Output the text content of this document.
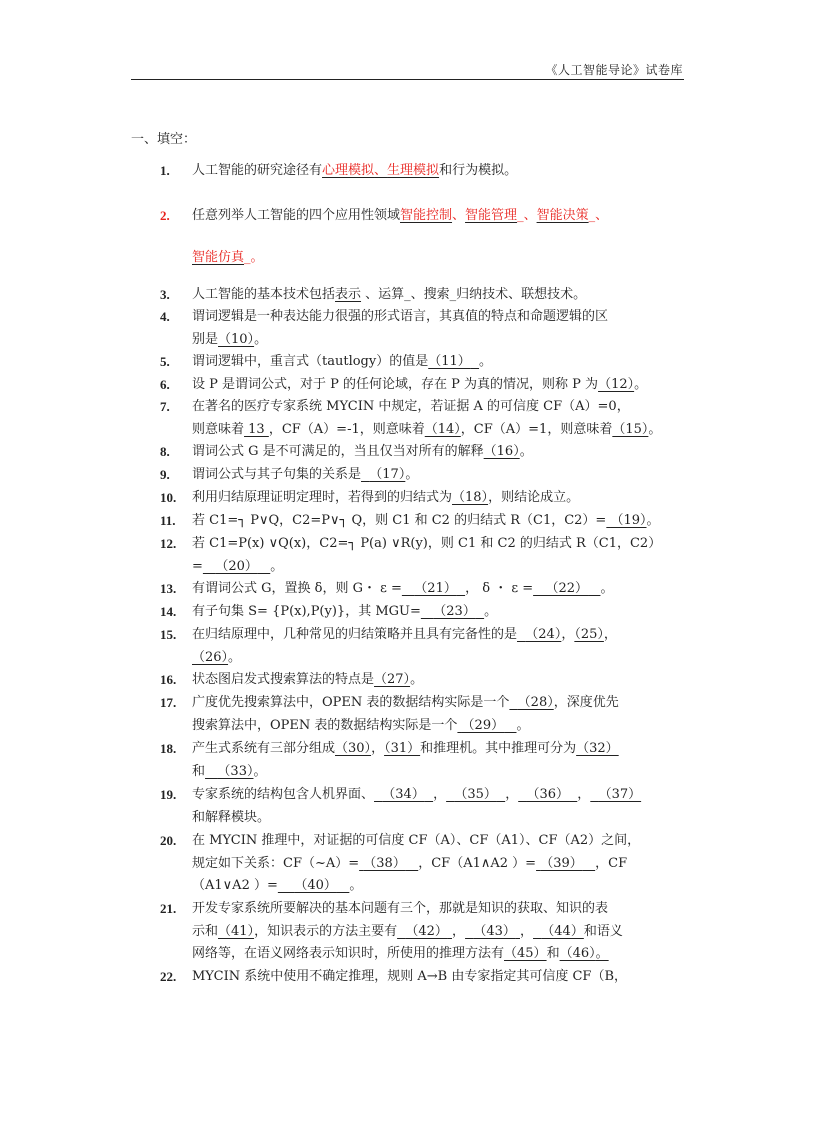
《人工智能导论》试卷库
一、填空：
1.	人工智能的研究途径有心理模拟、生理模拟和行为模拟。
2.	任意列举人工智能的四个应用性领域智能控制、智能管理_、智能决策_、
智能仿真_。
3.	人工智能的基本技术包括表示 、运算_、搜索_归纳技术、联想技术。
4.	谓词逻辑是一种表达能力很强的形式语言，其真值的特点和命题逻辑的区
别是（10）。
5.	谓词逻辑中，重言式（tautlogy）的值是（11） 。
6.	设 P 是谓词公式，对于 P 的任何论域，存在 P 为真的情况，则称 P 为（12）。
7.	在著名的医疗专家系统 MYCIN 中规定，若证据 A 的可信度 CF（A）=0，
则意味着 13 ，CF（A）=-1，则意味着（14），CF（A）=1，则意味着（15）。
8.	谓词公式 G 是不可满足的，当且仅当对所有的解释（16）。
9.	谓词公式与其子句集的关系是 （17）。
10.	利用归结原理证明定理时，若得到的归结式为（18），则结论成立。
11.	若 C1=┐ P∨Q，C2=P∨┐ Q，则 C1 和 C2 的归结式 R（C1，C2）= （19）。
12.	若 C1=P(x) ∨Q(x)，C2=┐ P(a) ∨R(y)，则 C1 和 C2 的归结式 R（C1，C2）
= （20） 。
13.	有谓词公式 G，置换 δ，则 G・ ε = （21） ， δ ・ ε = （22） 。
14.	有子句集 S= {P(x),P(y)}，其 MGU= （23） 。
15.	在归结原理中，几种常见的归结策略并且具有完备性的是 （24），（25），
（26）。
16.	状态图启发式搜索算法的特点是（27）。
17.	广度优先搜索算法中，OPEN 表的数据结构实际是一个 （28），深度优先
搜索算法中，OPEN 表的数据结构实际是一个 （29） 。
18.	产生式系统有三部分组成（30），（31）和推理机。其中推理可分为（32）
和 （33）。
19.	专家系统的结构包含人机界面、 （34） ， （35） ， （36） ， （37）
和解释模块。
20.	在 MYCIN 推理中，对证据的可信度 CF（A）、CF（A1）、CF（A2）之间，
规定如下关系：CF（~A）= （38） ，CF（A1∧A2 ）= （39） ，CF
（A1∨A2 ）= （40） 。
21.	开发专家系统所要解决的基本问题有三个，那就是知识的获取、知识的表
示和（41），知识表示的方法主要有 （42） ， （43） ， （44）和语义
网络等，在语义网络表示知识时，所使用的推理方法有（45）和（46）。
22.	MYCIN 系统中使用不确定推理，规则 A→B 由专家指定其可信度 CF（B，
